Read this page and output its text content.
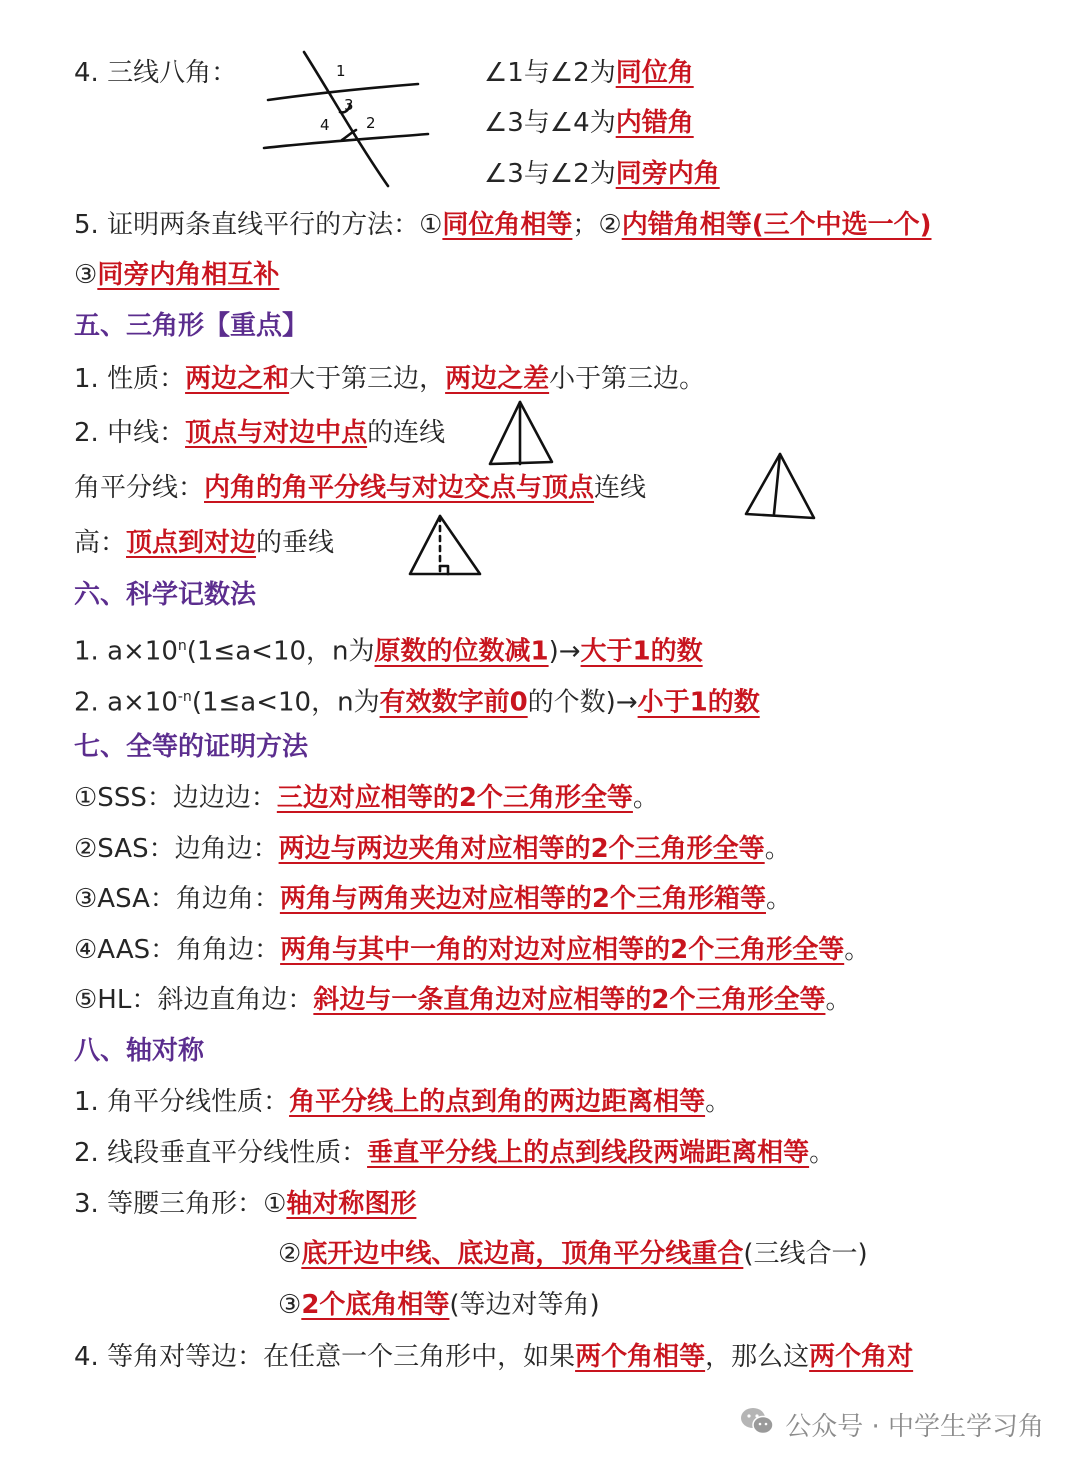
4. 三线八角：	1
3
4 2
∠1与∠2为同位角
∠3与∠4为内错角
∠3与∠2为同旁内角
5. 证明两条直线平行的方法：①同位角相等；②内错角相等(三个中选一个)
③同旁内角相互补
五、三角形【重点】
1. 性质：两边之和大于第三边，两边之差小于第三边。
2. 中线：顶点与对边中点的连线
角平分线：内角的角平分线与对边交点与顶点连线
高：顶点到对边的垂线
六、科学记数法
1. $a\times 10^n(1\le a<10$，n为原数的位数减1)→大于1的数
2. $a\times 10^{-n}(1\le a<10$，n为有效数字前0的个数)→小于1的数
七、全等的证明方法
①SSS：边边边：三边对应相等的2个三角形全等。
②SAS：边角边：两边与两边夹角对应相等的2个三角形全等。
③ASA：角边角：两角与两角夹边对应相等的2个三角形箱等。
④AAS：角角边：两角与其中一角的对边对应相等的2个三角形全等。
⑤HL：斜边直角边：斜边与一条直角边对应相等的2个三角形全等。
八、轴对称
1. 角平分线性质：角平分线上的点到角的两边距离相等。
2. 线段垂直平分线性质：垂直平分线上的点到线段两端距离相等。
3. 等腰三角形：①轴对称图形
②底开边中线、底边高，顶角平分线重合(三线合一)
③2个底角相等(等边对等角)
4. 等角对等边：在任意一个三角形中，如果两个角相等，那么这两个角对
公众号 · 中学生学习角
